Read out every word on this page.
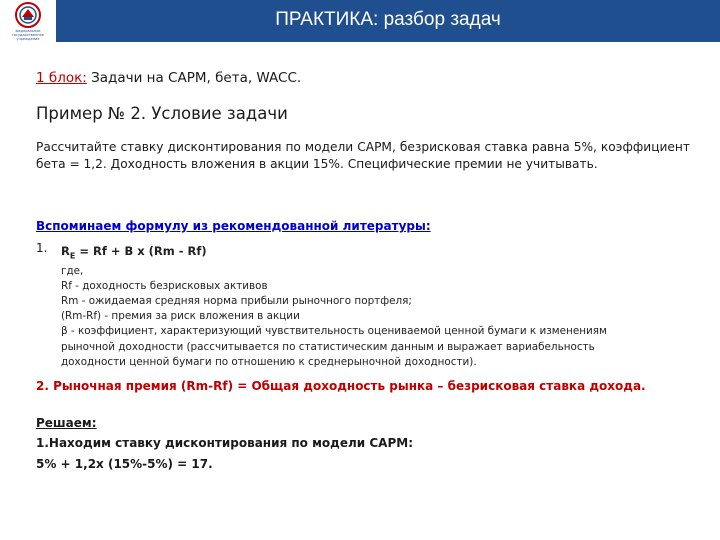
федеральное государственное учреждение
ПРАКТИКА: разбор задач
1 блок: Задачи на CAPM, бета, WACC.
Пример № 2. Условие задачи
Рассчитайте ставку дисконтирования по модели CAPM, безрисковая ставка равна 5%, коэффициент бета = 1,2. Доходность вложения в акции 15%. Специфические премии не учитывать.
Вспоминаем формулу из рекомендованной литературы:
1. $R_E = Rf + B$ x (Rm - Rf)
где,
Rf - доходность безрисковых активов
Rm - ожидаемая средняя норма прибыли рыночного портфеля;
(Rm-Rf) - премия за риск вложения в акции
β - коэффициент, характеризующий чувствительность оцениваемой ценной бумаги к изменениям
рыночной доходности (рассчитывается по статистическим данным и выражает вариабельность
доходности ценной бумаги по отношению к среднерыночной доходности).
2. Рыночная премия (Rm-Rf) = Общая доходность рынка – безрисковая ставка дохода.
Решаем:
1.Находим ставку дисконтирования по модели CAPM:
5% + 1,2x (15%-5%) = 17.
